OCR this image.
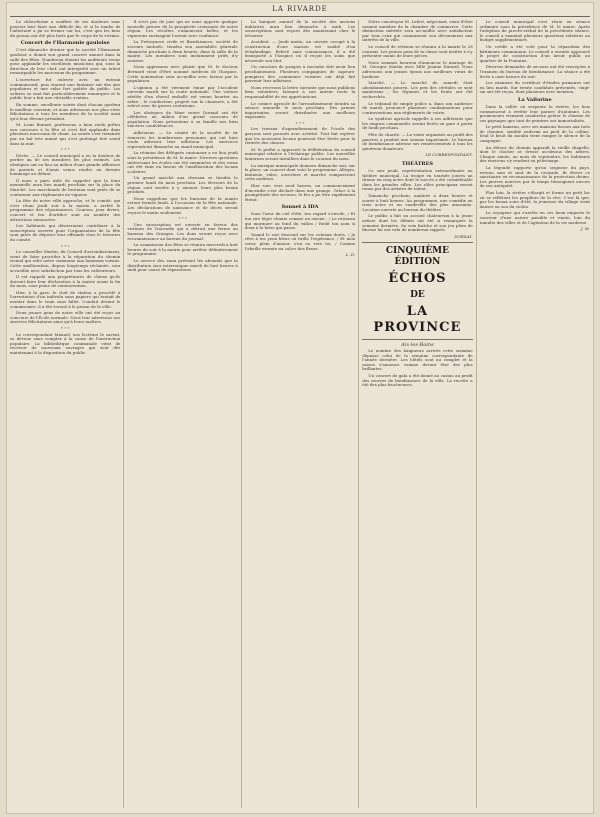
LA RIVARDE

Le chloroforme a souffert de ses douleurs sans pouvoir leur faire une difficile fin, et si la tombe de l'infortuné a pu se fermer sur lui, c'est que les bras du poison ont été plus forts que le corps de la victime.

Concert de l'Harmonie gauloise

C'est dimanche dernier que la société l'Harmonie gauloise a donné son grand concert annuel dans la salle des fêtes. Nombreux étaient les auditeurs venus pour applaudir les excellents musiciens qui, sous la direction de leur chef, ont interprété avec un talent remarquable les morceaux du programme.

L'ouverture fut enlevée avec un entrain communicatif, puis vinrent une fantaisie sur des airs populaires et une valse fort goûtée du public. Les solistes se sont fait particulièrement remarquer et le public leur a fait une véritable ovation.

En somme, excellente soirée dont chacun gardera le meilleur souvenir, et nous adressons nos plus vives félicitations à tous les membres de la société ainsi qu'à leur dévoué président.

M. Louis Bonnet, professeur, a bien voulu prêter son concours à la fête et s'est fait applaudir dans plusieurs morceaux de chant. La soirée s'est terminée par un bal très animé qui s'est prolongé fort avant dans la nuit.

* * *

Décès. — Le conseil municipal a eu la douleur de perdre un de ses membres les plus estimés. Les obsèques ont eu lieu au milieu d'une grande affluence de parents et d'amis venus rendre un dernier hommage au défunt.

Il nous a paru utile de rappeler que la foire mensuelle aura lieu mardi prochain sur la place du Marché. Les marchands de bestiaux sont priés de se conformer aux règlements en vigueur.

La fête de notre ville approche, et le comité, qui s'est réuni jeudi soir à la mairie, a arrêté le programme des réjouissances. Courses, jeux divers, concert et feu d'artifice sont au nombre des attractions annoncées.

Les habitants qui désireraient contribuer à la souscription ouverte pour l'organisation de la fête sont priés de déposer leur offrande chez le trésorier du comité.

* * *

Le conseiller Martin, du Conseil d'arrondissement, vient de faire procéder à la réparation du chemin vicinal qui relie notre commune aux hameaux voisins. Cette amélioration, depuis longtemps réclamée, sera accueillie avec satisfaction par tous les cultivateurs.

Il est rappelé aux propriétaires de chiens qu'ils doivent faire leur déclaration à la mairie avant la fin du mois, sous peine de contravention.

Hier, à la gare, le chef de station a procédé à l'arrestation d'un individu sans papiers qui tentait de monter dans le train sans billet. Conduit devant le commissaire, il a été écroué à la prison de la ville.

Deux jeunes gens de notre ville ont été reçus au concours de l'École normale. Nous leur adressons nos sincères félicitations ainsi qu'à leurs maîtres.

* * *

Le correspondant Manuel, nos lecteurs le savent, se dévoue sans compter à la cause de l'instruction populaire. La bibliothèque communale vient de recevoir de nouveaux ouvrages qui sont dès maintenant à la disposition du public.

Il n'est pas de jour qui ne nous apporte quelque nouvelle preuve de la prospérité croissante de notre région. Les récoltes s'annoncent belles, et les vignerons envisagent l'avenir avec confiance.

La Prévoyance civile et Bienfaisance, société de secours mutuels, tiendra son assemblée générale dimanche prochain à deux heures, dans la salle de la mairie. Les membres sont instamment priés d'y assister.

Nous apprenons avec plaisir que M. le docteur Bernard vient d'être nommé médecin de l'hospice. Cette nomination sera accueillie avec faveur par la population.

L'opinion a été vivement émue par l'accident survenu mardi sur la route nationale. Une voiture attelée d'un cheval emballé est venue heurter un arbre ; le conducteur, projeté sur la chaussée, a été relevé avec de graves contusions.

Les obsèques de Mme veuve Durand ont été célébrées au milieu d'un grand concours de population. Nous présentons à sa famille nos bien sincères condoléances.

Adhésions. — Le comité de la société de tir remercie les nombreuses personnes qui ont bien voulu adresser leur adhésion. Les exercices reprendront dimanche au stand municipal.

La réunion des délégués cantonaux a eu lieu jeudi sous la présidence de M. le maire. Diverses questions intéressant les écoles ont été examinées et des vœux ont été émis en faveur de l'amélioration des locaux scolaires.

Un grand marché aux chevaux se tiendra le premier lundi du mois prochain. Les éleveurs de la région sont invités à y amener leurs plus beaux produits.

Nous rappelons que les bureaux de la mairie seront fermés lundi, à l'occasion de la fête nationale. Les déclarations de naissance et de décès seront reçues le matin seulement.

* * *

Une souscription est ouverte en faveur des victimes de l'incendie qui a détruit une ferme au hameau des Granges. Les dons seront reçus avec reconnaissance au bureau du journal.

La commission des fêtes se réunira mercredi à huit heures du soir à la mairie pour arrêter définitivement le programme.

Le service des eaux prévient les abonnés que la distribution sera interrompue mardi de huit heures à midi pour cause de réparations.

Le banquet annuel de la société des anciens militaires aura lieu dimanche à midi. Les souscriptions sont reçues dès maintenant chez le trésorier.

Accident. — Jeudi matin, un ouvrier occupé à la construction d'une maison est tombé d'un échafaudage. Relevé sans connaissance, il a été transporté à l'hospice où il reçoit les soins que nécessite son état.

Un concours de pompes à incendie doit avoir lieu prochainement. Plusieurs compagnies de sapeurs-pompiers des communes voisines ont déjà fait parvenir leur adhésion.

Nous recevons la lettre suivante que nous publions bien volontiers, laissant à son auteur toute la responsabilité de ses appréciations.

Le comice agricole de l'arrondissement tiendra sa séance annuelle le mois prochain. Des primes importantes seront distribuées aux meilleurs exposants.

* * *

Les travaux d'agrandissement de l'école des garçons sont poussés avec activité. Tout fait espérer que les nouveaux locaux pourront être livrés pour la rentrée des classes.

M. le préfet a approuvé la délibération du conseil municipal relative à l'éclairage public. Les nouvelles lanternes seront installées dans le courant du mois.

La musique municipale donnera dimanche soir, sur la place, un concert dont voici le programme. Allegro, fantaisie, valse, ouverture et marche composeront cette audition.

Hier soir, vers neuf heures, un commencement d'incendie s'est déclaré dans une grange. Grâce à la promptitude des secours, le feu a pu être rapidement éteint.

Sonnet à IDA

Sous l'azur du ciel d'été, ton regard s'envole, / Et ton rire léger chante comme un oiseau ; / Le ruisseau qui murmure au fond du vallon / Redit ton nom si doux à la brise qui passe.

Quand le soir descend sur les coteaux dorés, / Je rêve à tes yeux bleus où brille l'espérance, / Et mon cœur, plein d'amour, s'en va vers toi, / Comme l'abeille errante au calice des fleurs.

L. D.

Notre concitoyen M. Lefort, négociant, vient d'être nommé membre de la chambre de commerce. Cette distinction méritée sera accueillie avec satisfaction par tous ceux qui connaissent son dévouement aux intérêts de la ville.

Le conseil de révision se réunira à la mairie le 28 courant. Les jeunes gens de la classe sont invités à s'y présenter munis de leurs pièces.

Nous sommes heureux d'annoncer le mariage de M. Georges Martin avec Mlle Jeanne Durand. Nous adressons aux jeunes époux nos meilleurs vœux de bonheur.

Marché. — Le marché de samedi était abondamment pourvu. Les prix des céréales se sont maintenus ; les légumes et les fruits ont été recherchés.

Le tribunal de simple police a, dans son audience de mardi, prononcé plusieurs condamnations pour contraventions aux règlements de voirie.

Le syndicat agricole rappelle à ses adhérents que les engrais commandés seront livrés en gare à partir de lundi prochain.

Fête de charité. — La vente organisée au profit des pauvres a produit une somme importante. Le bureau de bienfaisance adresse ses remerciements à tous les généreux donateurs.

LE CORRESPONDANT.
THÉÂTRES

Ce soir jeudi, représentation extraordinaire au théâtre municipal. La troupe en tournée jouera un drame en cinq actes dont le succès a été considérable dans les grandes villes. Les rôles principaux seront tenus par des artistes de talent.

Dimanche prochain, matinée à deux heures et soirée à huit heures. Au programme, une comédie en trois actes et un vaudeville des plus amusants. Location ouverte au bureau du théâtre.

Le public a fait un accueil chaleureux à la jeune artiste dont les débuts ont été si remarqués la semaine dernière. Sa voix fraîche et son jeu plein de finesse lui ont valu de nombreux rappels.

DORSAY.
CINQUIÈME ÉDITION
ÉCHOS
DE
LA PROVINCE
Aix-les-Bains

Le nombre des baigneurs arrivés cette semaine dépasse celui de la semaine correspondante de l'année dernière. Les hôtels sont au complet et la saison s'annonce comme devant être des plus brillantes.

Un concert de gala a été donné au casino au profit des œuvres de bienfaisance de la ville. La recette a été des plus fructueuses.

Le conseil municipal s'est réuni en séance ordinaire sous la présidence de M. le maire. Après l'adoption du procès-verbal de la précédente séance, le conseil a examiné plusieurs questions relatives au budget supplémentaire.

Un crédit a été voté pour la réparation des bâtiments communaux. Le conseil a ensuite approuvé le projet de construction d'un lavoir public au quartier de la Fontaine.

Diverses demandes de secours ont été renvoyées à l'examen du bureau de bienfaisance. La séance a été levée à onze heures du soir.

Les examens du certificat d'études primaires ont eu lieu mardi. Sur trente candidats présentés, vingt-six ont été reçus, dont plusieurs avec mention.

La Vallorine

Dans la vallée où serpente la rivière, les bois commencent à revêtir leur parure d'automne. Les promeneurs viennent nombreux goûter le charme de ces paysages que tant de peintres ont immortalisés.

Le petit hameau, avec ses maisons basses aux toits de chaume, semble endormi au pied de la colline. Seul le bruit du moulin vient rompre le silence de la campagne.

Au détour du chemin apparaît la vieille chapelle, dont le clocher se dresse au-dessus des arbres. Chaque année, au mois de septembre, les habitants des environs s'y rendent en pèlerinage.

La légende rapporte qu'un seigneur du pays, revenu sain et sauf de la croisade, fit élever ce sanctuaire en reconnaissance de la protection divine. Les pierres noircies par le temps témoignent encore de son antiquité.

Plus loin, la rivière s'élargit et forme un petit lac où se reflètent les peupliers de la rive. C'est là que, par les beaux soirs d'été, la jeunesse du village vient danser au son du violon.

Le voyageur qui s'arrête en ces lieux emporte le souvenir d'une nature paisible et riante, loin du tumulte des villes et de l'agitation de la vie moderne.

J. M.
